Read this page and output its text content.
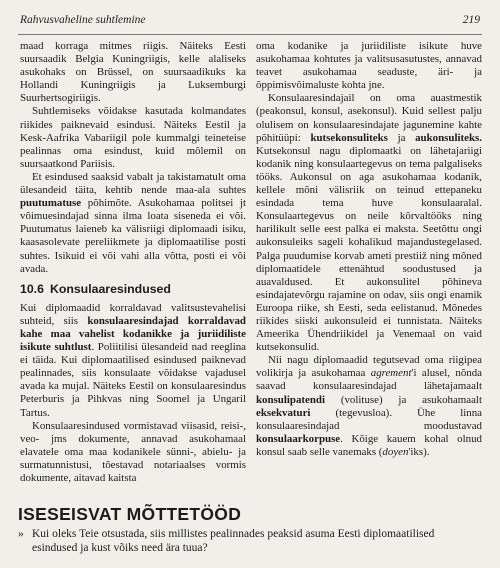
Rahvusvaheline suhtlemine	219

maad korraga mitmes riigis. Näiteks Eesti suursaadik Belgia Kuningriigis, kelle alaliseks asukohaks on Brüssel, on suursaadikuks ka Hollandi Kuningriigis ja Luksemburgi Suurhertsogiriigis.

Suhtlemiseks võidakse kasutada kolmandates riikides paiknevaid esindusi. Näiteks Eestil ja Kesk-Aafrika Vabariigil pole kummalgi teineteise pealinnas oma esindust, kuid mõlemil on suursaatkond Pariisis.

Et esindused saaksid vabalt ja takistamatult oma ülesandeid täita, kehtib nende maa-ala suhtes puutumatuse põhimõte. Asukohamaa politsei jt võimuesindajad sinna ilma loata siseneda ei või. Puutumatus laieneb ka välisriigi diplomaadi isiku, kaasasolevate pereliikmete ja diplomaatilise posti suhtes. Isikuid ei või vahi alla võtta, posti ei või avada.

10.6 Konsulaaresindused

Kui diplomaadid korraldavad valitsustevahelisi suhteid, siis konsulaaresindajad korraldavad kahe maa vahelist kodanikke ja juriidiliste isikute suhtlust. Poliitilisi ülesandeid nad reeglina ei täida. Kui diplomaatilised esindused paiknevad pealinnades, siis konsulaate võidakse vajadusel avada ka mujal. Näiteks Eestil on konsulaaresindus Peterburis ja Pihkvas ning Soomel ja Ungaril Tartus.

Konsulaaresindused vormistavad viisasid, reisi-, veo- jms dokumente, annavad asukohamaal elavatele oma maa kodanikele sünni-, abielu- ja surmatunnistusi, tõestavad notariaalses vormis dokumente, aitavad kaitsta

oma kodanike ja juriidiliste isikute huve asukohamaa kohtutes ja valitsusasutustes, annavad teavet asukohamaa seaduste, äri- ja õppimisvõimaluste kohta jne.

Konsulaaresindajail on oma auastmestik (peakonsul, konsul, asekonsul). Kuid sellest palju olulisem on konsulaaresindajate jagunemine kahte põhitüüpi: kutsekonsuliteks ja aukonsuliteks. Kutsekonsul nagu diplomaatki on lähetajariigi kodanik ning konsulaartegevus on tema palgaliseks tööks. Aukonsul on aga asukohamaa kodanik, kellele mõni välisriik on teinud ettepaneku esindada tema huve konsulaaralal. Konsulaartegevus on neile kõrvaltööks ning harilikult selle eest palka ei maksta. Seetõttu ongi aukonsuleiks sageli kohalikud majandustegelased. Palga puudumise korvab ameti prestiiž ning mõned diplomaatidele ettenähtud soodustused ja auavaldused. Et aukonsulitel põhineva esindajatevõrgu rajamine on odav, siis ongi enamik Euroopa riike, sh Eesti, seda eelistanud. Mõnedes riikides siiski aukonsuleid ei tunnistata. Näiteks Ameerika Ühendriikidel ja Venemaal on vaid kutsekonsulid.

Nii nagu diplomaadid tegutsevad oma riigipea volikirja ja asukohamaa agrement'i alusel, nõnda saavad konsulaaresindajad lähetajamaalt konsulipatendi (volituse) ja asukohamaalt eksekvaturi (tegevusloa). Ühe linna konsulaaresindajad moodustavad konsulaarkorpuse. Kõige kauem kohal olnud konsul saab selle vanemaks (doyen'iks).

ISESEISVAT MÕTTETÖÖD
» Kui oleks Teie otsustada, siis millistes pealinnades peaksid asuma Eesti diplomaatilised esindused ja kust võiks need ära tuua?
